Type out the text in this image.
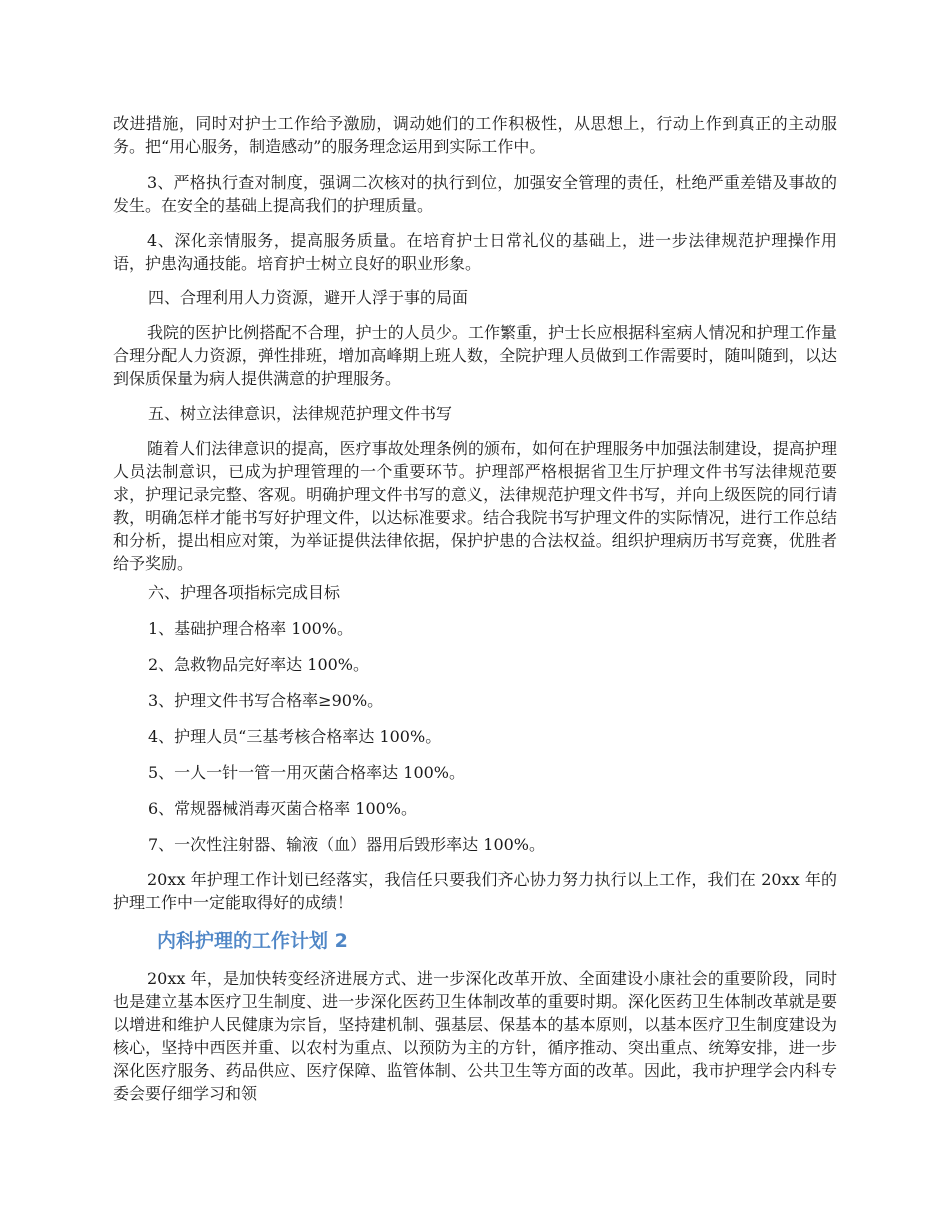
改进措施，同时对护士工作给予激励，调动她们的工作积极性，从思想上，行动上作到真正的主动服务。把“用心服务，制造感动”的服务理念运用到实际工作中。

3、严格执行查对制度，强调二次核对的执行到位，加强安全管理的责任，杜绝严重差错及事故的发生。在安全的基础上提高我们的护理质量。

4、深化亲情服务，提高服务质量。在培育护士日常礼仪的基础上，进一步法律规范护理操作用语，护患沟通技能。培育护士树立良好的职业形象。

四、合理利用人力资源，避开人浮于事的局面

我院的医护比例搭配不合理，护士的人员少。工作繁重，护士长应根据科室病人情况和护理工作量合理分配人力资源，弹性排班，增加高峰期上班人数，全院护理人员做到工作需要时，随叫随到，以达到保质保量为病人提供满意的护理服务。

五、树立法律意识，法律规范护理文件书写

随着人们法律意识的提高，医疗事故处理条例的颁布，如何在护理服务中加强法制建设，提高护理人员法制意识，已成为护理管理的一个重要环节。护理部严格根据省卫生厅护理文件书写法律规范要求，护理记录完整、客观。明确护理文件书写的意义，法律规范护理文件书写，并向上级医院的同行请教，明确怎样才能书写好护理文件，以达标准要求。结合我院书写护理文件的实际情况，进行工作总结和分析，提出相应对策，为举证提供法律依据，保护护患的合法权益。组织护理病历书写竞赛，优胜者给予奖励。

六、护理各项指标完成目标

1、基础护理合格率 100%。

2、急救物品完好率达 100%。

3、护理文件书写合格率≥90%。

4、护理人员“三基考核合格率达 100%。

5、一人一针一管一用灭菌合格率达 100%。

6、常规器械消毒灭菌合格率 100%。

7、一次性注射器、输液（血）器用后毁形率达 100%。

20xx 年护理工作计划已经落实，我信任只要我们齐心协力努力执行以上工作，我们在 20xx 年的护理工作中一定能取得好的成绩！

内科护理的工作计划 2

20xx 年，是加快转变经济进展方式、进一步深化改革开放、全面建设小康社会的重要阶段，同时也是建立基本医疗卫生制度、进一步深化医药卫生体制改革的重要时期。深化医药卫生体制改革就是要以增进和维护人民健康为宗旨，坚持建机制、强基层、保基本的基本原则，以基本医疗卫生制度建设为核心，坚持中西医并重、以农村为重点、以预防为主的方针，循序推动、突出重点、统筹安排，进一步深化医疗服务、药品供应、医疗保障、监管体制、公共卫生等方面的改革。因此，我市护理学会内科专委会要仔细学习和领
